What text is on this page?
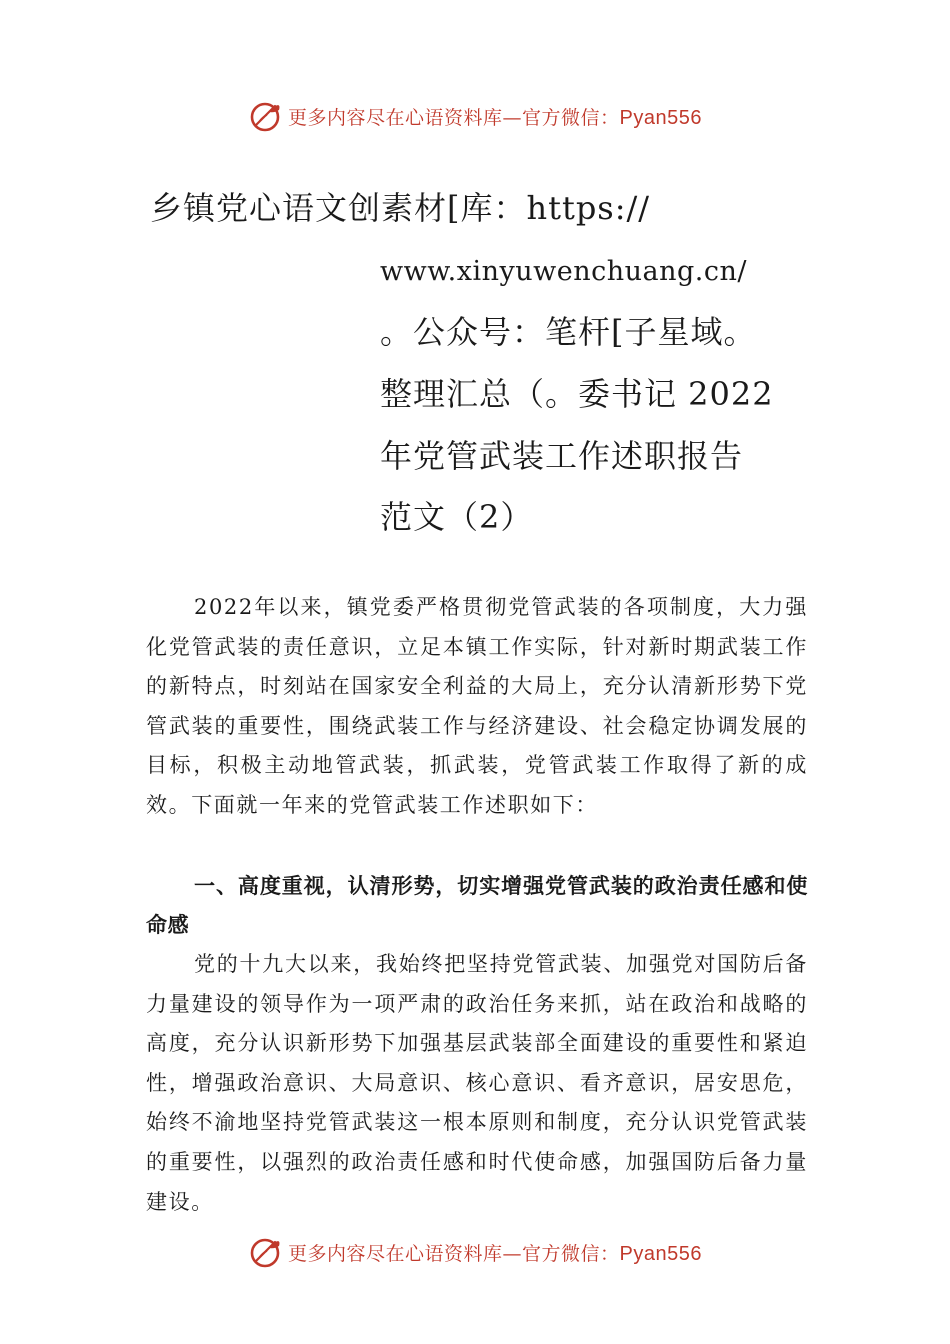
更多内容尽在心语资料库—官方微信：Pyan556
乡镇党心语文创素材[库：https://
www.xinyuwenchuang.cn/
。公众号：笔杆[子星域。
整理汇总（。委书记 2022
年党管武装工作述职报告
范文（2）
2022年以来，镇党委严格贯彻党管武装的各项制度，大力强化党管武装的责任意识，立足本镇工作实际，针对新时期武装工作的新特点，时刻站在国家安全利益的大局上，充分认清新形势下党管武装的重要性，围绕武装工作与经济建设、社会稳定协调发展的目标，积极主动地管武装，抓武装，党管武装工作取得了新的成效。下面就一年来的党管武装工作述职如下：
一、高度重视，认清形势，切实增强党管武装的政治责任感和使命感
党的十九大以来，我始终把坚持党管武装、加强党对国防后备力量建设的领导作为一项严肃的政治任务来抓，站在政治和战略的高度，充分认识新形势下加强基层武装部全面建设的重要性和紧迫性，增强政治意识、大局意识、核心意识、看齐意识，居安思危，始终不渝地坚持党管武装这一根本原则和制度，充分认识党管武装的重要性，以强烈的政治责任感和时代使命感，加强国防后备力量建设。
更多内容尽在心语资料库—官方微信：Pyan556
